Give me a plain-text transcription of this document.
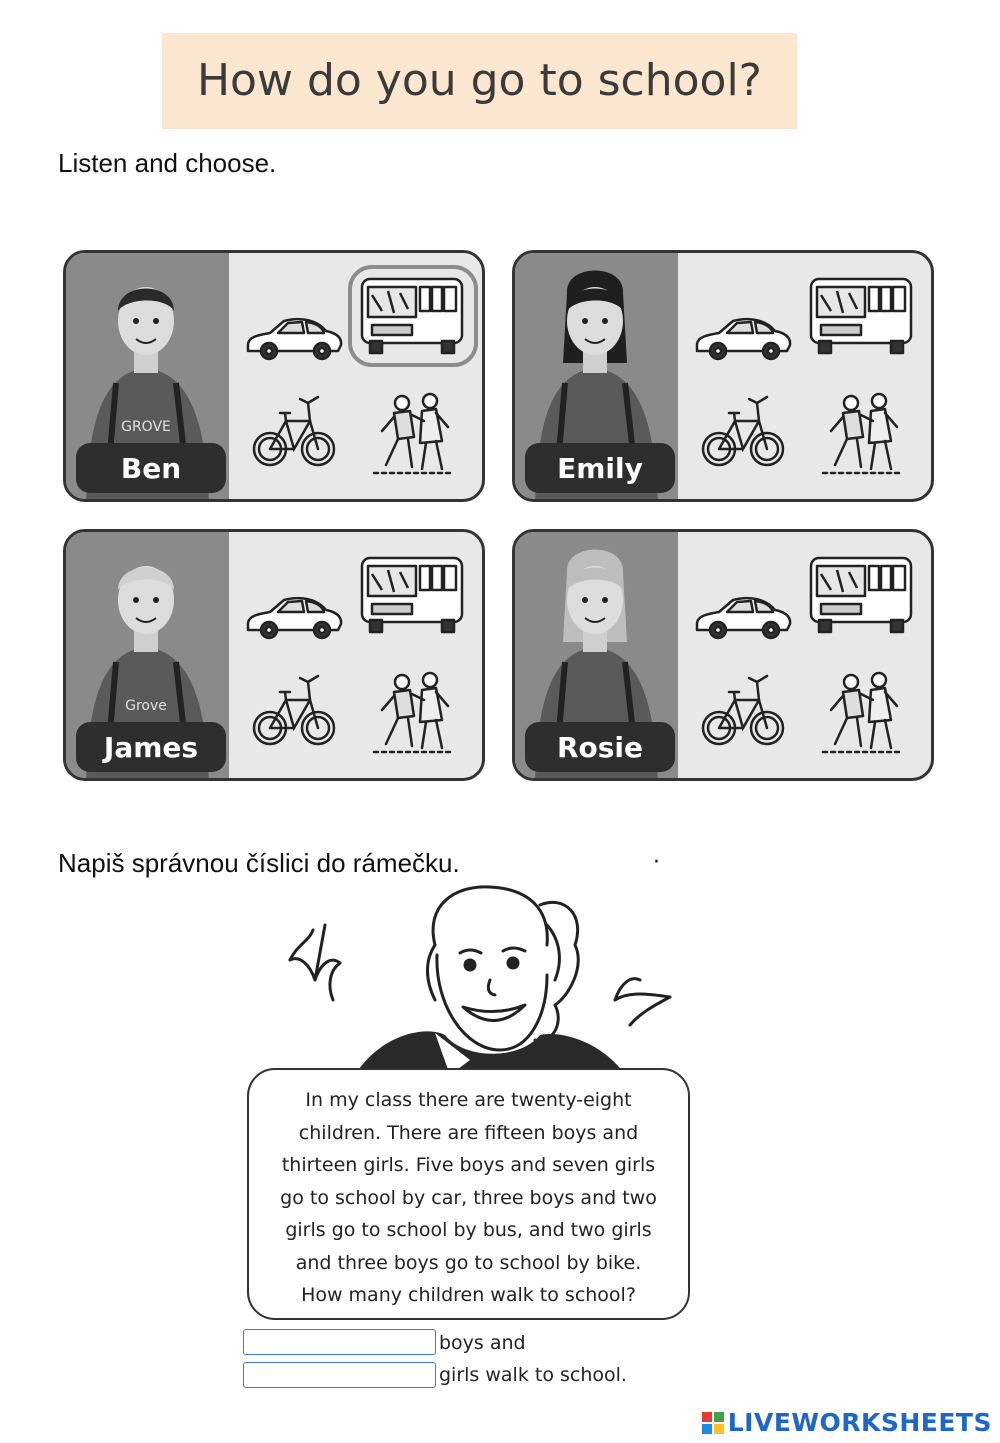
How do you go to school?
Listen and choose.
GROVE
Ben	Emily
Grove
James	Rosie
Napiš správnou číslici do rámečku.	·
In my class there are twenty-eight
children. There are fifteen boys and
thirteen girls. Five boys and seven girls
go to school by car, three boys and two
girls go to school by bus, and two girls
and three boys go to school by bike.
How many children walk to school?
boys and
girls walk to school.
LIVEWORKSHEETS
